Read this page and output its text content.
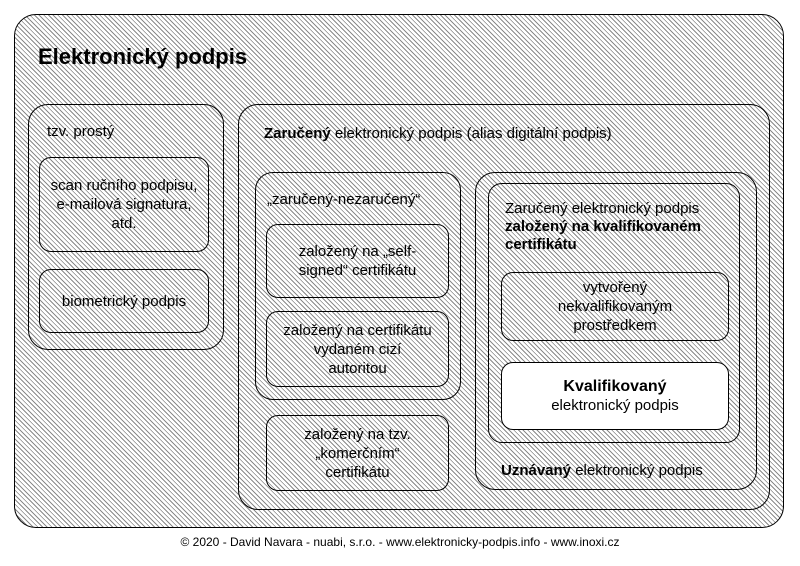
Elektronický podpis
tzv. prostý
scan ručního podpisu, e-mailová signatura, atd.
biometrický podpis
Zaručený elektronický podpis (alias digitální podpis)
„zaručený-nezaručený“
založený na „self-signed“ certifikátu
založený na certifikátu vydaném cizí autoritou
založený na tzv. „komerčním“ certifikátu	Uznávaný elektronický podpis
Zaručený elektronický podpis
založený na kvalifikovaném
certifikátu
vytvořený nekvalifikovaným prostředkem
Kvalifikovaný
elektronický podpis
© 2020 - David Navara - nuabi, s.r.o. - www.elektronicky-podpis.info - www.inoxi.cz
